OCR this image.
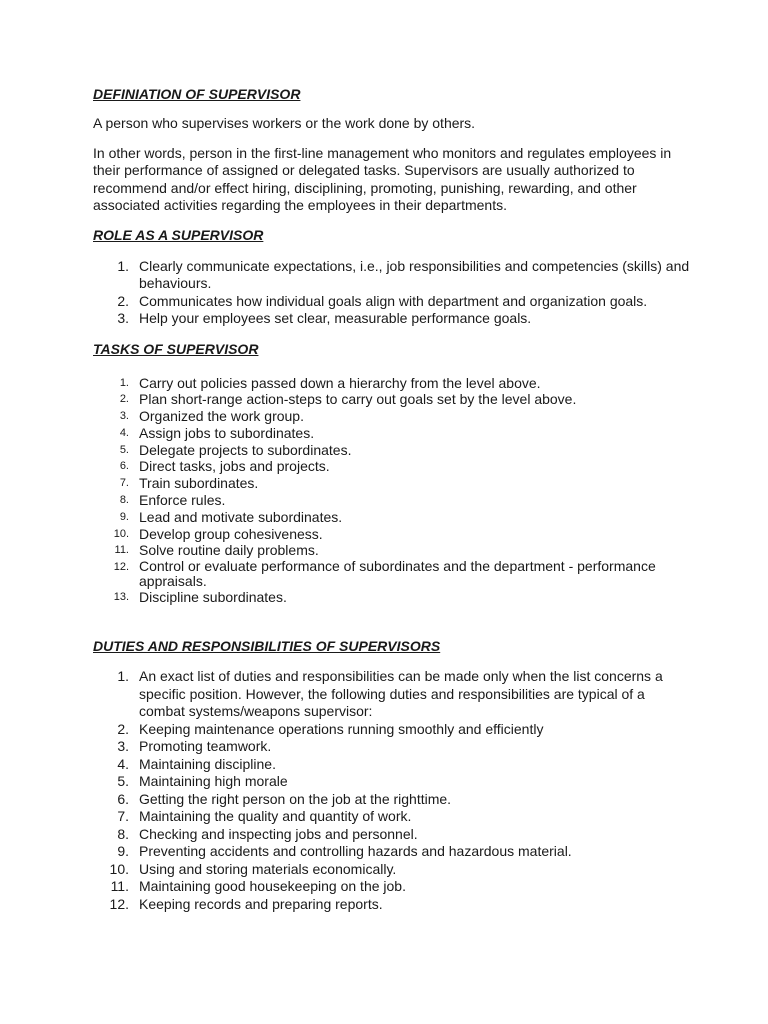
DEFINIATION OF SUPERVISOR

A person who supervises workers or the work done by others.

In other words, person in the first-line management who monitors and regulates employees in their performance of assigned or delegated tasks. Supervisors are usually authorized to recommend and/or effect hiring, disciplining, promoting, punishing, rewarding, and other associated activities regarding the employees in their departments.

ROLE AS A SUPERVISOR
1. Clearly communicate expectations, i.e., job responsibilities and competencies (skills) and behaviours.
2. Communicates how individual goals align with department and organization goals.
3. Help your employees set clear, measurable performance goals.
TASKS OF SUPERVISOR
1. Carry out policies passed down a hierarchy from the level above.
2. Plan short-range action-steps to carry out goals set by the level above.
3. Organized the work group.
4. Assign jobs to subordinates.
5. Delegate projects to subordinates.
6. Direct tasks, jobs and projects.
7. Train subordinates.
8. Enforce rules.
9. Lead and motivate subordinates.
10. Develop group cohesiveness.
11. Solve routine daily problems.
12. Control or evaluate performance of subordinates and the department - performance appraisals.
13. Discipline subordinates.
DUTIES AND RESPONSIBILITIES OF SUPERVISORS
1. An exact list of duties and responsibilities can be made only when the list concerns a specific position. However, the following duties and responsibilities are typical of a combat systems/weapons supervisor:
2. Keeping maintenance operations running smoothly and efficiently
3. Promoting teamwork.
4. Maintaining discipline.
5. Maintaining high morale
6. Getting the right person on the job at the righttime.
7. Maintaining the quality and quantity of work.
8. Checking and inspecting jobs and personnel.
9. Preventing accidents and controlling hazards and hazardous material.
10. Using and storing materials economically.
11. Maintaining good housekeeping on the job.
12. Keeping records and preparing reports.
